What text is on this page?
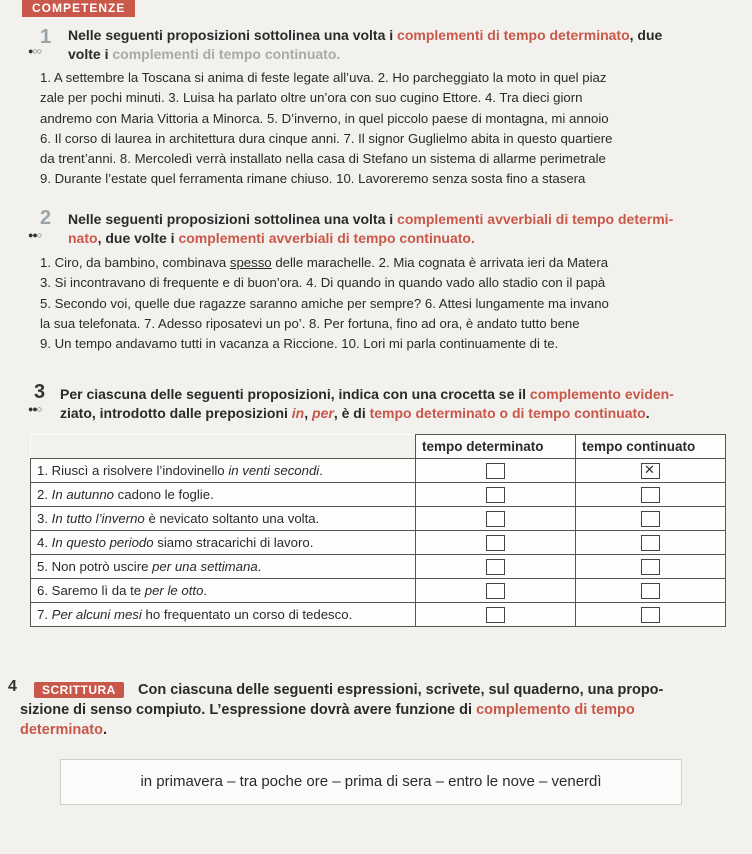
COMPETENZE
1
●○○
Nelle seguenti proposizioni sottolinea una volta i complementi di tempo determinato, due
volte i complementi di tempo continuato.
1. A settembre la Toscana si anima di feste legate all’uva. 2. Ho parcheggiato la moto in quel piaz
zale per pochi minuti. 3. Luisa ha parlato oltre un’ora con suo cugino Ettore. 4. Tra dieci giorn
andremo con Maria Vittoria a Minorca. 5. D’inverno, in quel piccolo paese di montagna, mi annoio
6. Il corso di laurea in architettura dura cinque anni. 7. Il signor Guglielmo abita in questo quartiere
da trent’anni. 8. Mercoledì verrà installato nella casa di Stefano un sistema di allarme perimetrale
9. Durante l’estate quel ferramenta rimane chiuso. 10. Lavoreremo senza sosta fino a stasera
2
●●○
Nelle seguenti proposizioni sottolinea una volta i complementi avverbiali di tempo determi-
nato, due volte i complementi avverbiali di tempo continuato.
1. Ciro, da bambino, combinava spesso delle marachelle. 2. Mia cognata è arrivata ieri da Matera
3. Si incontravano di frequente e di buon’ora. 4. Di quando in quando vado allo stadio con il papà
5. Secondo voi, quelle due ragazze saranno amiche per sempre? 6. Attesi lungamente ma invano
la sua telefonata. 7. Adesso riposatevi un po’. 8. Per fortuna, fino ad ora, è andato tutto bene
9. Un tempo andavamo tutti in vacanza a Riccione. 10. Lori mi parla continuamente di te.
3
●●○
Per ciascuna delle seguenti proposizioni, indica con una crocetta se il complemento eviden-
ziato, introdotto dalle preposizioni in, per, è di tempo determinato o di tempo continuato.
	tempo determinato	tempo continuato
1. Riuscì a risolvere l’indovinello in venti secondi.		✕
2. In autunno cadono le foglie.		
3. In tutto l’inverno è nevicato soltanto una volta.		
4. In questo periodo siamo stracarichi di lavoro.		
5. Non potrò uscire per una settimana.		
6. Saremo lì da te per le otto.		
7. Per alcuni mesi ho frequentato un corso di tedesco.		
4	SCRITTURA	Con ciascuna delle seguenti espressioni, scrivete, sul quaderno, una propo-
sizione di senso compiuto. L’espressione dovrà avere funzione di complemento di tempo
determinato.
in primavera – tra poche ore – prima di sera – entro le nove – venerdì
